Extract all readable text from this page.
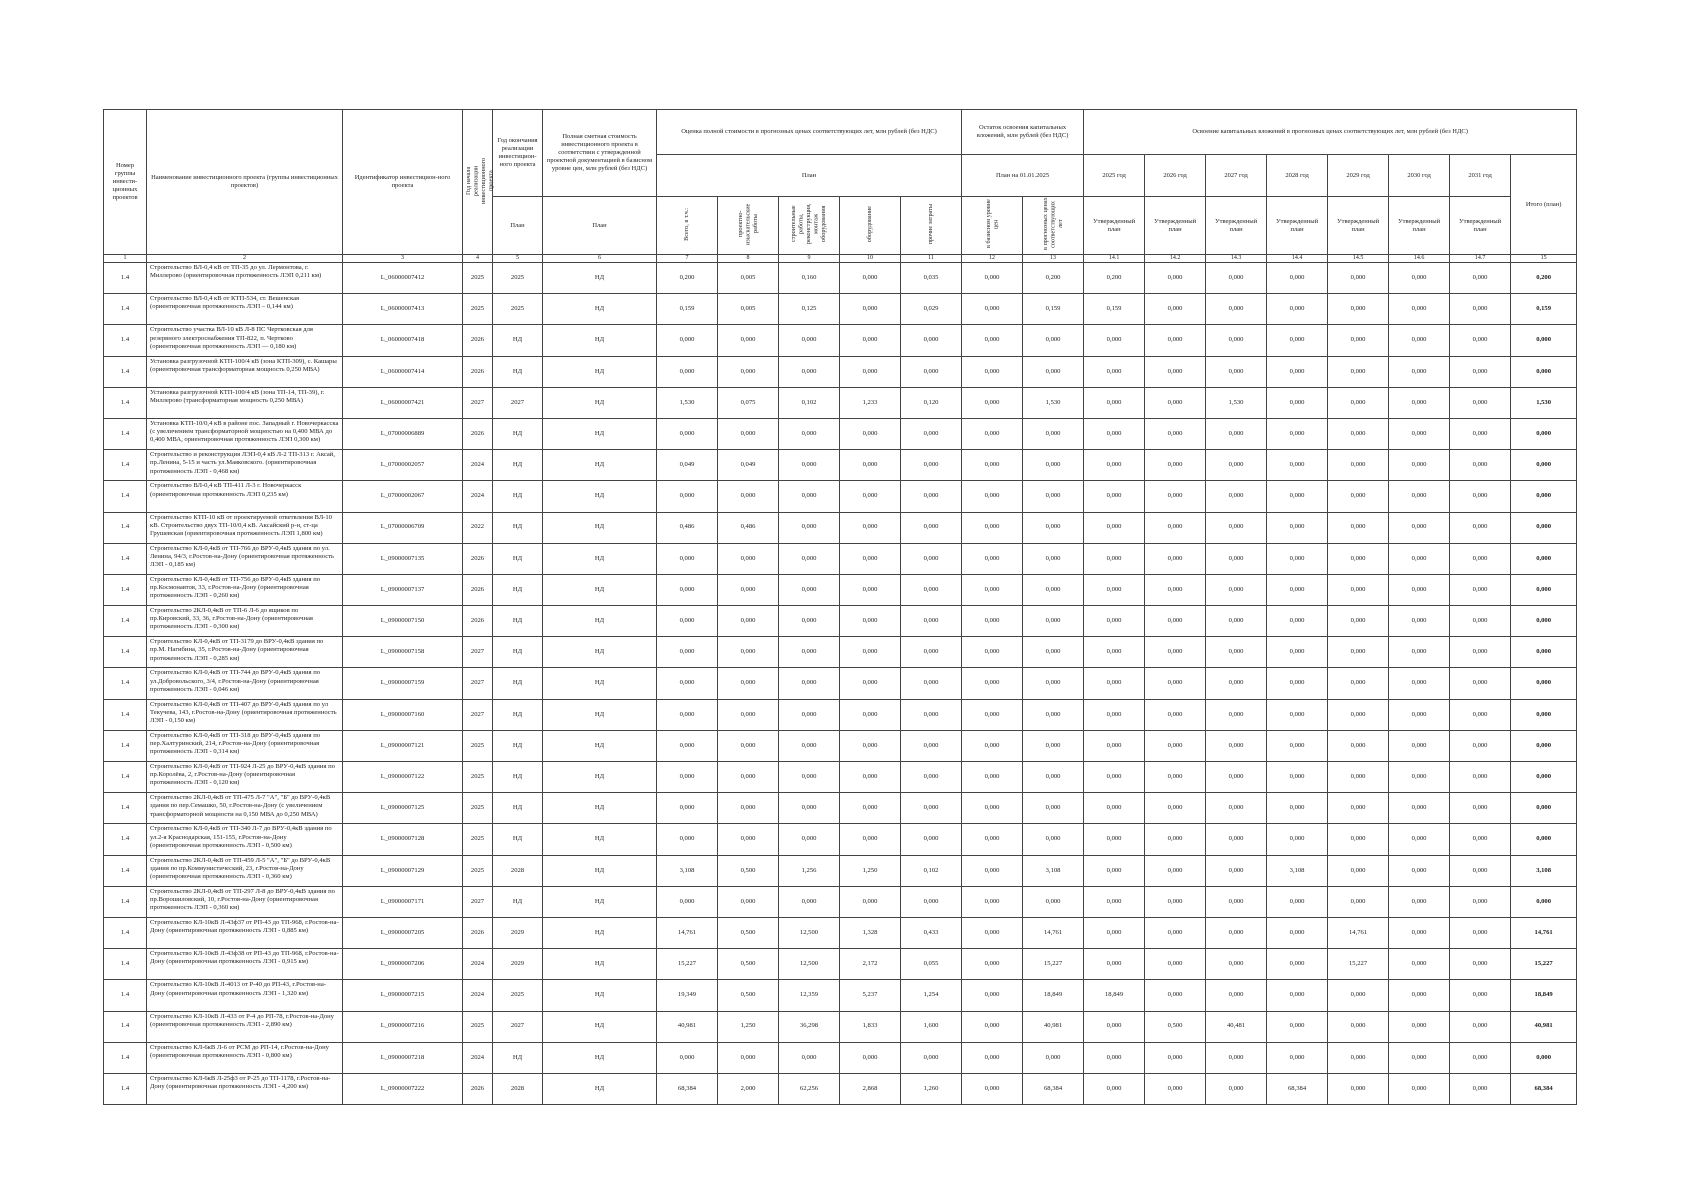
Номер группы инвести-ционных проектов	Наименование инвестиционного проекта (группы инвестиционных проектов)	Идентификатор инвестицион-ного проекта	Год начала реализации инвестиционного проекта	Год окончания реализации инвестицион-ного проекта	Полная сметная стоимость инвестиционного проекта в соответствии с утвержденной проектной документацией в базисном уровне цен, млн рублей (без НДС)	Оценка полной стоимости в прогнозных ценах соответствующих лет, млн рублей (без НДС)					Остаток освоения капитальных вложений, млн рублей (без НДС)		Освоение капитальных вложений в прогнозных ценах соответствующих лет, млн рублей (без НДС)							
						План					План на 01.01.2025		2025 год	2026 год	2027 год	2028 год	2029 год	2030 год	2031 год	Итого (план)
				План	План	Всего, в т.ч.:	проектно-изыскательские работы	строительные работы, реконструкция, монтаж оборудования	оборудование	прочие затраты	в базисном уровне цен	в прогнозных ценах соответствующих лет	Утвержденный план	Утвержденный план	Утвержденный план	Утвержденный план	Утвержденный план	Утвержденный план	Утвержденный план	
1	2	3	4	5	6	7	8	9	10	11	12	13	14.1	14.2	14.3	14.4	14.5	14.6	14.7	15
1.4	Строительство ВЛ-0,4 кВ от ТП-35 до ул. Лермонтова, г. Миллерово (ориентировочная протяженность ЛЭП 0,211 км)	L_06000007412	2025	2025	НД	0,200	0,005	0,160	0,000	0,035	0,000	0,200	0,200	0,000	0,000	0,000	0,000	0,000	0,000	0,200
1.4	Строительство ВЛ-0,4 кВ от КТП-534, ст. Вешенская (ориентировочная протяженность ЛЭП – 0,144 км)	L_06000007413	2025	2025	НД	0,159	0,005	0,125	0,000	0,029	0,000	0,159	0,159	0,000	0,000	0,000	0,000	0,000	0,000	0,159
1.4	Строительство участка ВЛ-10 кВ Л-8 ПС Чертковская для резервного электроснабжения ТП-822, п. Чертково (ориентировочная протяженность ЛЭП — 0,180 км)	L_06000007418	2026	НД	НД	0,000	0,000	0,000	0,000	0,000	0,000	0,000	0,000	0,000	0,000	0,000	0,000	0,000	0,000	0,000
1.4	Установка разгрузочной КТП-100/4 кВ (зона КТП-309), с. Кашары (ориентировочная трансформаторная мощность 0,250 МВА)	L_06000007414	2026	НД	НД	0,000	0,000	0,000	0,000	0,000	0,000	0,000	0,000	0,000	0,000	0,000	0,000	0,000	0,000	0,000
1.4	Установка разгрузочной КТП-100/4 кВ (зона ТП-14, ТП-39), г. Миллерово (трансформаторная мощность 0,250 МВА)	L_06000007421	2027	2027	НД	1,530	0,075	0,102	1,233	0,120	0,000	1,530	0,000	0,000	1,530	0,000	0,000	0,000	0,000	1,530
1.4	Установка КТП-10/0,4 кВ в районе пос. Западный г. Новочеркасска (с увеличением трансформаторной мощностью на 0,400 МВА до 0,400 МВА, ориентировочная протяженность ЛЭП 0,300 км)	L_07000006889	2026	НД	НД	0,000	0,000	0,000	0,000	0,000	0,000	0,000	0,000	0,000	0,000	0,000	0,000	0,000	0,000	0,000
1.4	Строительство и реконструкция ЛЭП-0,4 кВ Л-2 ТП-313 г. Аксай, пр.Ленина, 5-15 и часть ул.Маяковского. (ориентировочная протяженность ЛЭП - 0,468 км)	L_07000002057	2024	НД	НД	0,049	0,049	0,000	0,000	0,000	0,000	0,000	0,000	0,000	0,000	0,000	0,000	0,000	0,000	0,000
1.4	Строительство ВЛ-0,4 кВ ТП-411 Л-3 г. Новочеркасск (ориентировочная протяженность ЛЭП 0,235 км)	L_07000002067	2024	НД	НД	0,000	0,000	0,000	0,000	0,000	0,000	0,000	0,000	0,000	0,000	0,000	0,000	0,000	0,000	0,000
1.4	Строительство КТП-10 кВ от проектируемой ответвления ВЛ-10 кВ. Строительство двух ТП-10/0,4 кВ. Аксайский р-н, ст-ца Грушевская (ориентировочная протяженность ЛЭП 1,800 км)	L_07000006709	2022	НД	НД	0,486	0,486	0,000	0,000	0,000	0,000	0,000	0,000	0,000	0,000	0,000	0,000	0,000	0,000	0,000
1.4	Строительство КЛ-0,4кВ от ТП-766 до ВРУ-0,4кВ здания по ул. Ленина, 94/3, г.Ростов-на-Дону (ориентировочная протяженность ЛЭП - 0,185 км)	L_09000007135	2026	НД	НД	0,000	0,000	0,000	0,000	0,000	0,000	0,000	0,000	0,000	0,000	0,000	0,000	0,000	0,000	0,000
1.4	Строительство КЛ-0,4кВ от ТП-756 до ВРУ-0,4кВ здания по пр.Космонавтов, 33, г.Ростов-на-Дону (ориентировочная протяженность ЛЭП - 0,260 км)	L_09000007137	2026	НД	НД	0,000	0,000	0,000	0,000	0,000	0,000	0,000	0,000	0,000	0,000	0,000	0,000	0,000	0,000	0,000
1.4	Строительство 2КЛ-0,4кВ от ТП-6 Л-6 до ящиков по пр.Кировский, 33, 36, г.Ростов-на-Дону (ориентировочная протяженность ЛЭП - 0,300 км)	L_09000007150	2026	НД	НД	0,000	0,000	0,000	0,000	0,000	0,000	0,000	0,000	0,000	0,000	0,000	0,000	0,000	0,000	0,000
1.4	Строительство КЛ-0,4кВ от ТП-3179 до ВРУ-0,4кВ здания по пр.М. Нагибина, 35, г.Ростов-на-Дону (ориентировочная протяженность ЛЭП - 0,285 км)	L_09000007158	2027	НД	НД	0,000	0,000	0,000	0,000	0,000	0,000	0,000	0,000	0,000	0,000	0,000	0,000	0,000	0,000	0,000
1.4	Строительство КЛ-0,4кВ от ТП-744 до ВРУ-0,4кВ здания по ул.Добровольского, 3/4, г.Ростов-на-Дону (ориентировочная протяженность ЛЭП - 0,046 км)	L_09000007159	2027	НД	НД	0,000	0,000	0,000	0,000	0,000	0,000	0,000	0,000	0,000	0,000	0,000	0,000	0,000	0,000	0,000
1.4	Строительство КЛ-0,4кВ от ТП-407 до ВРУ-0,4кВ здания по ул Текучева, 143, г.Ростов-на-Дону (ориентировочная протяженность ЛЭП - 0,150 км)	L_09000007160	2027	НД	НД	0,000	0,000	0,000	0,000	0,000	0,000	0,000	0,000	0,000	0,000	0,000	0,000	0,000	0,000	0,000
1.4	Строительство КЛ-0,4кВ от ТП-318 до ВРУ-0,4кВ здания по пер.Халтуринский, 214, г.Ростов-на-Дону (ориентировочная протяженность ЛЭП - 0,314 км)	L_09000007121	2025	НД	НД	0,000	0,000	0,000	0,000	0,000	0,000	0,000	0,000	0,000	0,000	0,000	0,000	0,000	0,000	0,000
1.4	Строительство КЛ-0,4кВ от ТП-924 Л-25 до ВРУ-0,4кВ здания по пр.Королёва, 2, г.Ростов-на-Дону (ориентировочная протяженность ЛЭП - 0,120 км)	L_09000007122	2025	НД	НД	0,000	0,000	0,000	0,000	0,000	0,000	0,000	0,000	0,000	0,000	0,000	0,000	0,000	0,000	0,000
1.4	Строительство 2КЛ-0,4кВ от ТП-475 Л-7 "А", "Б" до ВРУ-0,4кВ здания по пер.Семашко, 50, г.Ростов-на-Дону (с увеличением трансформаторной мощности на 0,150 МВА до 0,250 МВА)	L_09000007125	2025	НД	НД	0,000	0,000	0,000	0,000	0,000	0,000	0,000	0,000	0,000	0,000	0,000	0,000	0,000	0,000	0,000
1.4	Строительство КЛ-0,4кВ от ТП-340 Л-7 до ВРУ-0,4кВ здания по ул.2-я Краснодарская, 151-155, г.Ростов-на-Дону (ориентировочная протяженность ЛЭП - 0,500 км)	L_09000007128	2025	НД	НД	0,000	0,000	0,000	0,000	0,000	0,000	0,000	0,000	0,000	0,000	0,000	0,000	0,000	0,000	0,000
1.4	Строительство 2КЛ-0,4кВ от ТП-459 Л-5 "А", "Б" до ВРУ-0,4кВ здания по пр.Коммунистический, 23, г.Ростов-на-Дону (ориентировочная протяженность ЛЭП - 0,360 км)	L_09000007129	2025	2028	НД	3,108	0,500	1,256	1,250	0,102	0,000	3,108	0,000	0,000	0,000	3,108	0,000	0,000	0,000	3,108
1.4	Строительство 2КЛ-0,4кВ от ТП-297 Л-8 до ВРУ-0,4кВ здания по пр.Ворошиловский, 10, г.Ростов-на-Дону (ориентировочная протяженность ЛЭП - 0,360 км)	L_09000007171	2027	НД	НД	0,000	0,000	0,000	0,000	0,000	0,000	0,000	0,000	0,000	0,000	0,000	0,000	0,000	0,000	0,000
1.4	Строительство КЛ-10кВ Л-43ф37 от РП-43 до ТП-968, г.Ростов-на-Дону (ориентировочная протяженность ЛЭП - 0,885 км)	L_09000007205	2026	2029	НД	14,761	0,500	12,500	1,328	0,433	0,000	14,761	0,000	0,000	0,000	0,000	14,761	0,000	0,000	14,761
1.4	Строительство КЛ-10кВ Л-43ф38 от РП-43 до ТП-968, г.Ростов-на-Дону (ориентировочная протяженность ЛЭП - 0,915 км)	L_09000007206	2024	2029	НД	15,227	0,500	12,500	2,172	0,055	0,000	15,227	0,000	0,000	0,000	0,000	15,227	0,000	0,000	15,227
1.4	Строительство КЛ-10кВ Л-4013 от Р-40 до РП-43, г.Ростов-на-Дону (ориентировочная протяженность ЛЭП - 1,320 км)	L_09000007215	2024	2025	НД	19,349	0,500	12,359	5,237	1,254	0,000	18,849	18,849	0,000	0,000	0,000	0,000	0,000	0,000	18,849
1.4	Строительство КЛ-10кВ Л-433 от Р-4 до РП-78, г.Ростов-на-Дону (ориентировочная протяженность ЛЭП - 2,890 км)	L_09000007216	2025	2027	НД	40,981	1,250	36,298	1,833	1,600	0,000	40,981	0,000	0,500	40,481	0,000	0,000	0,000	0,000	40,981
1.4	Строительство КЛ-6кВ Л-6 от РСМ до РП-14, г.Ростов-на-Дону (ориентировочная протяженность ЛЭП - 0,800 км)	L_09000007218	2024	НД	НД	0,000	0,000	0,000	0,000	0,000	0,000	0,000	0,000	0,000	0,000	0,000	0,000	0,000	0,000	0,000
1.4	Строительство КЛ-6кВ Л-25ф3 от Р-25 до ТП-1178, г.Ростов-на-Дону (ориентировочная протяженность ЛЭП - 4,200 км)	L_09000007222	2026	2028	НД	68,384	2,000	62,256	2,868	1,260	0,000	68,384	0,000	0,000	0,000	68,384	0,000	0,000	0,000	68,384
